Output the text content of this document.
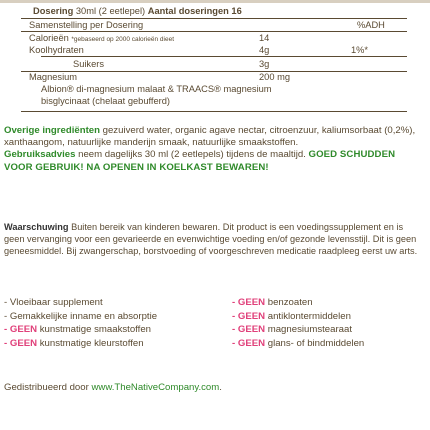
Dosering 30ml (2 eetlepel) Aantal doseringen 16
Samenstelling per Dosering	%ADH
Calorieën *gebaseerd op 2000 calorieën dieet	14
Koolhydraten	4g	1%*
Suikers	3g
Magnesium	200 mg
Albion® di-magnesium malaat & TRAACS® magnesium
bisglycinaat (chelaat gebufferd)

Overige ingrediënten gezuiverd water, organic agave nectar, citroenzuur, kaliumsorbaat (0,2%), xanthaangom, natuurlijke manderijn smaak, natuurlijke smaakstoffen.

Gebruiksadvies neem dagelijks 30 ml (2 eetlepels) tijdens de maaltijd. GOED SCHUDDEN VOOR GEBRUIK! NA OPENEN IN KOELKAST BEWAREN!

Waarschuwing Buiten bereik van kinderen bewaren. Dit product is een voedingssupplement en is geen vervanging voor een gevarieerde en evenwichtige voeding en/of gezonde levensstijl. Dit is geen geneesmiddel. Bij zwangerschap, borstvoeding of voorgeschreven medicatie raadpleeg eerst uw arts.
- Vloeibaar supplement	- GEEN benzoaten
- Gemakkelijke inname en absorptie	- GEEN antiklontermiddelen
- GEEN kunstmatige smaakstoffen	- GEEN magnesiumstearaat
- GEEN kunstmatige kleurstoffen	- GEEN glans- of bindmiddelen
Gedistribueerd door www.TheNativeCompany.com.
